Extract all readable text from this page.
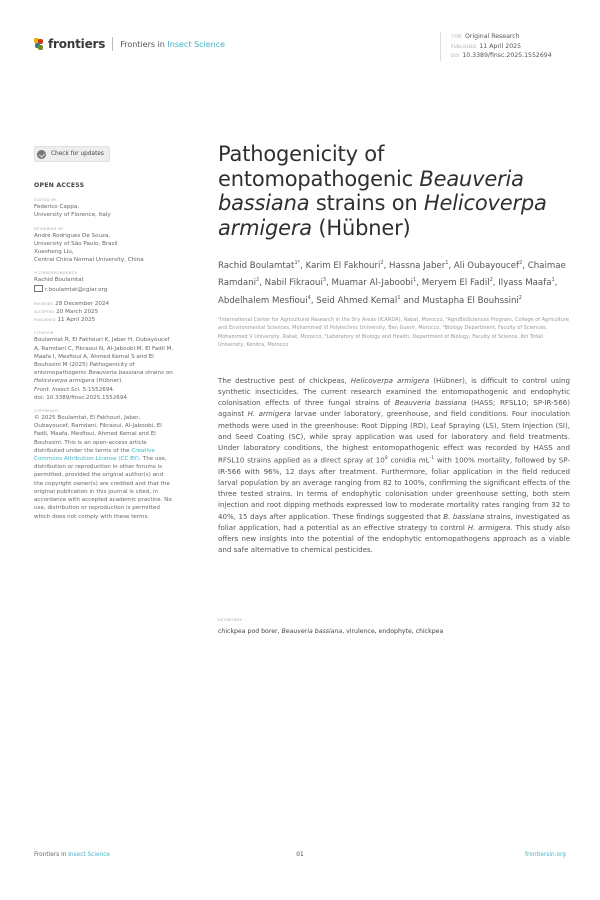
frontiers Frontiers in Insect Science
TYPE Original Research
PUBLISHED 11 April 2025
DOI 10.3389/finsc.2025.1552694
Check for updates
OPEN ACCESS
EDITED BY
Federico Cappa,
University of Florence, Italy
REVIEWED BY
André Rodrigues De Souza,
University of São Paulo, Brazil
Xuesheng Liu,
Central China Normal University, China
*CORRESPONDENCE
Rachid Boulamtat
r.boulamtat@cgiar.org
RECEIVED 28 December 2024
ACCEPTED 20 March 2025
PUBLISHED 11 April 2025
CITATION
Boulamtat R, El Fakhouri K, Jaber H, Oubayoucef A, Ramdani C, Fikraoui N, Al-Jaboobi M, El Fadil M, Maafa I, Mesfioui A, Ahmed Kemal S and El Bouhssini M (2025) Pathogenicity of entomopathogenic Beauveria bassiana strains on Helicoverpa armigera (Hübner).
Front. Insect Sci. 5:1552694.
doi: 10.3389/finsc.2025.1552694
COPYRIGHT
© 2025 Boulamtat, El Fakhouri, Jaber, Oubayoucef, Ramdani, Fikraoui, Al-Jaboobi, El Fadil, Maafa, Mesfioui, Ahmed Kemal and El Bouhssini. This is an open-access article distributed under the terms of the Creative Commons Attribution License (CC BY). The use, distribution or reproduction in other forums is permitted, provided the original author(s) and the copyright owner(s) are credited and that the original publication in this journal is cited, in accordance with accepted academic practice. No use, distribution or reproduction is permitted which does not comply with these terms.
Pathogenicity of entomopathogenic Beauveria bassiana strains on Helicoverpa armigera (Hübner)
Rachid Boulamtat$^{1*}$, Karim El Fakhouri$^2$, Hassna Jaber$^1$, Ali Oubayoucef$^2$, Chaimae Ramdani$^2$, Nabil Fikraoui$^3$, Muamar Al-Jaboobi$^1$, Meryem El Fadil$^2$, Ilyass Maafa$^1$, Abdelhalem Mesfioui$^4$, Seid Ahmed Kemal$^1$ and Mustapha El Bouhssini$^2$
¹International Center for Agricultural Research in the Dry Areas (ICARDA), Rabat, Morocco, ²AgroBioSciences Program, College of Agriculture and Environmental Sciences, Mohammed VI Polytechnic University, Ben Guerir, Morocco, ³Biology Department, Faculty of Sciences, Mohammed V University, Rabat, Morocco, ⁴Laboratory of Biology and Health, Department of Biology, Faculty of Science, Ibn Tofail University, Kenitra, Morocco
The destructive pest of chickpeas, Helicoverpa armigera (Hübner), is difficult to control using synthetic insecticides. The current research examined the entomopathogenic and endophytic colonisation effects of three fungal strains of Beauveria bassiana (HASS; RFSL10; SP-IR-566) against H. armigera larvae under laboratory, greenhouse, and field conditions. Four inoculation methods were used in the greenhouse: Root Dipping (RD), Leaf Spraying (LS), Stem Injection (SI), and Seed Coating (SC), while spray application was used for laboratory and field treatments. Under laboratory conditions, the highest entomopathogenic effect was recorded by HASS and RFSL10 strains applied as a direct spray at $10^8$ conidia $mL^{-1}$ with 100% mortality, followed by SP-IR-566 with 96%, 12 days after treatment. Furthermore, foliar application in the field reduced larval population by an average ranging from 82 to 100%, confirming the significant effects of the three tested strains. In terms of endophytic colonisation under greenhouse setting, both stem injection and root dipping methods expressed low to moderate mortality rates ranging from 32 to 40%, 15 days after application. These findings suggested that B. bassiana strains, investigated as foliar application, had a potential as an effective strategy to control H. armigera. This study also offers new insights into the potential of the endophytic entomopathogens approach as a viable and safe alternative to chemical pesticides.
KEYWORDS
chickpea pod borer, Beauveria bassiana, virulence, endophyte, chickpea
Frontiers in Insect Science	01	frontiersin.org
